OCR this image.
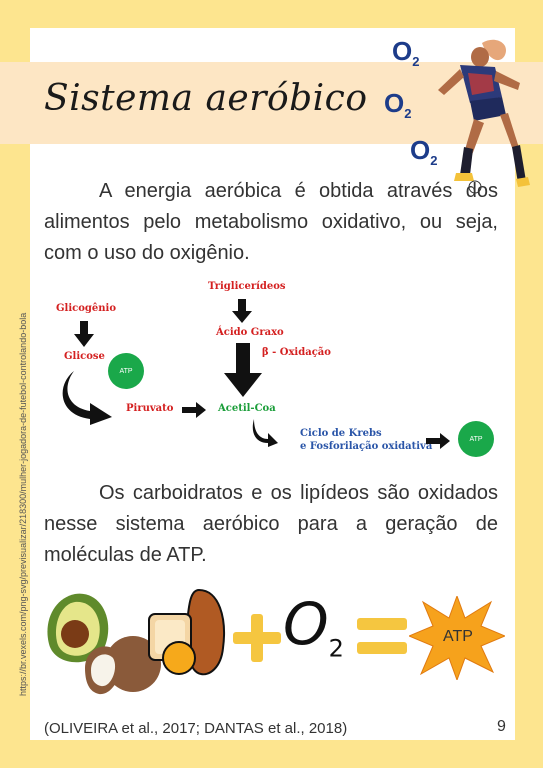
Sistema aeróbico
$O_2$
$O_2$
$O_2$
A energia aeróbica é obtida através dos alimentos pelo metabolismo oxidativo, ou seja, com o uso do oxigênio.
https://br.vexels.com/png-svg/previsualizar/218300/mulher-jogadora-de-futebol-controlando-bola
Glicogênio
Glicose
ATP
Piruvato
Triglicerídeos
Ácido Graxo
β - Oxidação
Acetil-Coa
Ciclo de Krebs
e Fosforilação oxidativa
ATP
Os carboidratos e os lipídeos são oxidados nesse sistema aeróbico para a geração de moléculas de ATP.
$O_2$	ATP
(OLIVEIRA et al., 2017; DANTAS et al., 2018)	9
